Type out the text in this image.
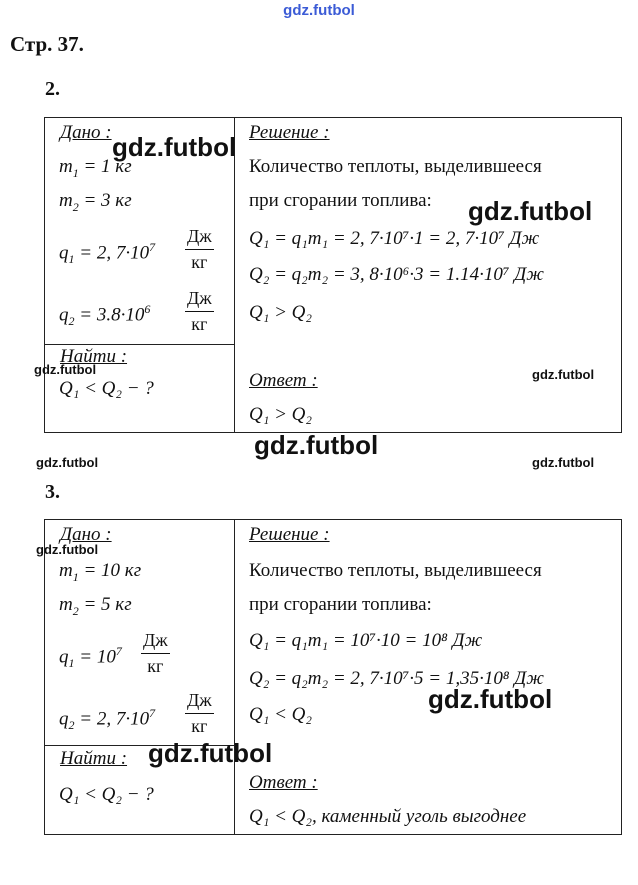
gdz.futbol
Стр. 37.
2.
Дано :
$m_1 = 1$ кг
$m_2 = 3$ кг
$q_1 = 2$, $7\cdot 10^7$
Дж
кг
$q_2 = 3.8\cdot 10^6$
Дж
кг
Найти :
Q₁ < Q₂ − ?
Решение :
Количество теплоты, выделившееся
при сгорании топлива:
Q₁ = q₁m₁ = 2, 7·10⁷·1 = 2, 7·10⁷ Дж
Q₂ = q₂m₂ = 3, 8·10⁶·3 = 1.14·10⁷ Дж
Q₁ > Q₂
Ответ :
Q₁ > Q₂
3.
Дано :
$m_1 = 10$ кг
$m_2 = 5$ кг
$q_1 = 10^7$
Дж
кг
$q_2 = 2$, $7\cdot 10^7$
Дж
кг
Найти :
Q₁ < Q₂ − ?
Решение :
Количество теплоты, выделившееся
при сгорании топлива:
Q₁ = q₁m₁ = 10⁷·10 = 10⁸ Дж
Q₂ = q₂m₂ = 2, 7·10⁷·5 = 1,35·10⁸ Дж
Q₁ < Q₂
Ответ :
Q₁ < Q₂, каменный уголь выгоднее
gdz.futbol
gdz.futbol
gdz.futbol	gdz.futbol
gdz.futbol
gdz.futbol	gdz.futbol
gdz.futbol
gdz.futbol
gdz.futbol
